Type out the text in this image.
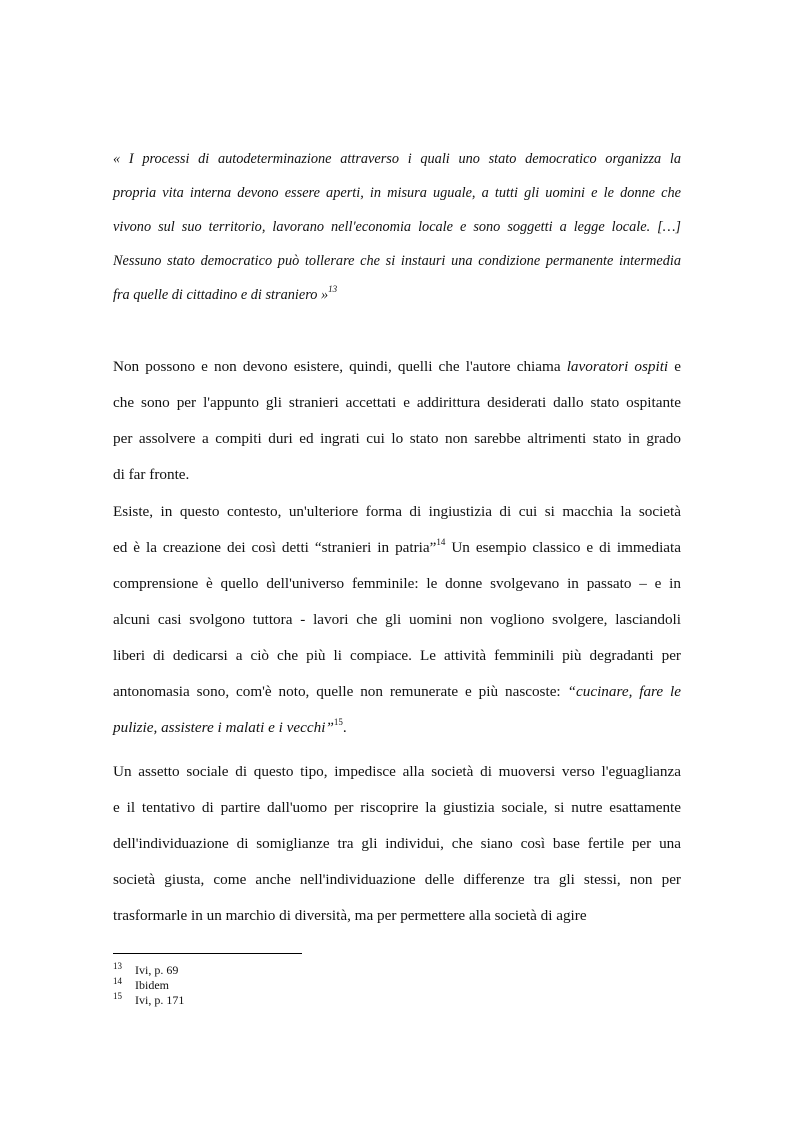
« I processi di autodeterminazione attraverso i quali uno stato democratico organizza la
propria vita interna devono essere aperti, in misura uguale, a tutti gli uomini e le donne che
vivono sul suo territorio, lavorano nell'economia locale e sono soggetti a legge locale. […]
Nessuno stato democratico può tollerare che si instauri una condizione permanente intermedia
fra quelle di cittadino e di straniero »$^{13}$
Non possono e non devono esistere, quindi, quelli che l'autore chiama lavoratori ospiti e
che sono per l'appunto gli stranieri accettati e addirittura desiderati dallo stato ospitante
per assolvere a compiti duri ed ingrati cui lo stato non sarebbe altrimenti stato in grado
di far fronte.
Esiste, in questo contesto, un'ulteriore forma di ingiustizia di cui si macchia la società
ed è la creazione dei così detti “stranieri in patria”$^{14}$ Un esempio classico e di immediata
comprensione è quello dell'universo femminile: le donne svolgevano in passato – e in
alcuni casi svolgono tuttora - lavori che gli uomini non vogliono svolgere, lasciandoli
liberi di dedicarsi a ciò che più li compiace. Le attività femminili più degradanti per
antonomasia sono, com'è noto, quelle non remunerate e più nascoste: “cucinare, fare le
pulizie, assistere i malati e i vecchi”$^{15}$.
Un assetto sociale di questo tipo, impedisce alla società di muoversi verso l'eguaglianza
e il tentativo di partire dall'uomo per riscoprire la giustizia sociale, si nutre esattamente
dell'individuazione di somiglianze tra gli individui, che siano così base fertile per una
società giusta, come anche nell'individuazione delle differenze tra gli stessi, non per
trasformarle in un marchio di diversità, ma per permettere alla società di agire
13 Ivi, p. 69
14 Ibidem
15 Ivi, p. 171
